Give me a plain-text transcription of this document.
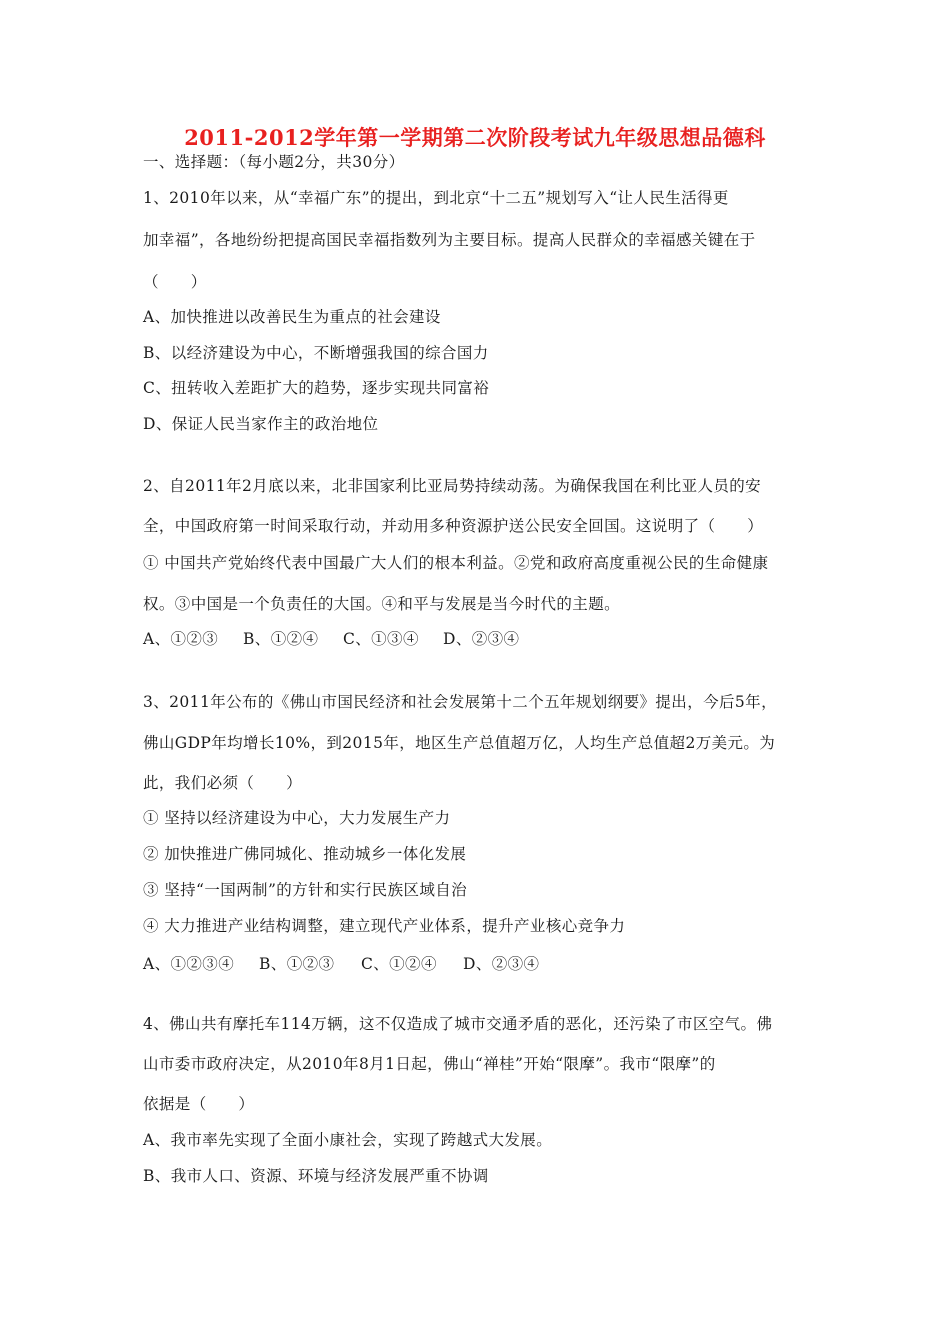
2011-2012学年第一学期第二次阶段考试九年级思想品德科
一、选择题：（每小题2分，共30分）
1、2010年以来，从“幸福广东”的提出，到北京“十二五”规划写入“让人民生活得更
加幸福”，各地纷纷把提高国民幸福指数列为主要目标。提高人民群众的幸福感关键在于
（　　）
A、加快推进以改善民生为重点的社会建设
B、以经济建设为中心，不断增强我国的综合国力
C、扭转收入差距扩大的趋势，逐步实现共同富裕
D、保证人民当家作主的政治地位
2、自2011年2月底以来，北非国家利比亚局势持续动荡。为确保我国在利比亚人员的安
全，中国政府第一时间采取行动，并动用多种资源护送公民安全回国。这说明了（　　）
① 中国共产党始终代表中国最广大人们的根本利益。②党和政府高度重视公民的生命健康
权。③中国是一个负责任的大国。④和平与发展是当今时代的主题。
A、①②③ B、①②④ C、①③④ D、②③④
3、2011年公布的《佛山市国民经济和社会发展第十二个五年规划纲要》提出，今后5年，
佛山GDP年均增长10%，到2015年，地区生产总值超万亿，人均生产总值超2万美元。为
此，我们必须（　　）
① 坚持以经济建设为中心，大力发展生产力
② 加快推进广佛同城化、推动城乡一体化发展
③ 坚持“一国两制”的方针和实行民族区域自治
④ 大力推进产业结构调整，建立现代产业体系，提升产业核心竞争力
A、①②③④ B、①②③ C、①②④ D、②③④
4、佛山共有摩托车114万辆，这不仅造成了城市交通矛盾的恶化，还污染了市区空气。佛
山市委市政府决定，从2010年8月1日起，佛山“禅桂”开始“限摩”。我市“限摩”的
依据是（　　）
A、我市率先实现了全面小康社会，实现了跨越式大发展。
B、我市人口、资源、环境与经济发展严重不协调
